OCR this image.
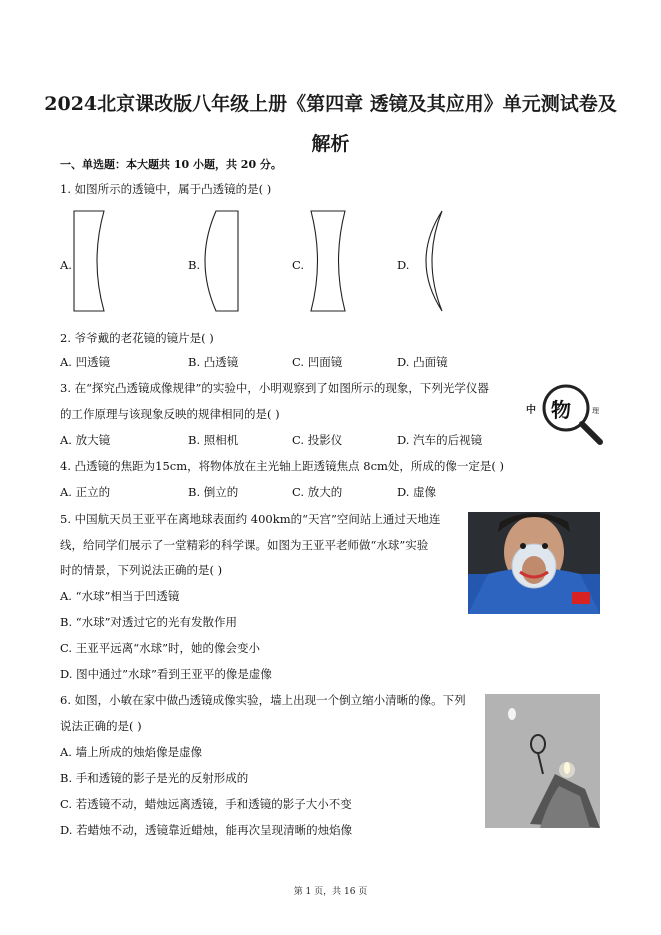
2024北京课改版八年级上册《第四章 透镜及其应用》单元测试卷及
解析
一、单选题：本大题共 10 小题，共 20 分。
1. 如图所示的透镜中，属于凸透镜的是( )
A.	B.	C.	D.
2. 爷爷戴的老花镜的镜片是( )
A. 凹透镜	B. 凸透镜	C. 凹面镜	D. 凸面镜
3. 在“探究凸透镜成像规律”的实验中，小明观察到了如图所示的现象，下列光学仪器
的工作原理与该现象反映的规律相同的是( )
A. 放大镜	B. 照相机	C. 投影仪	D. 汽车的后视镜
中 物	理
4. 凸透镜的焦距为15cm，将物体放在主光轴上距透镜焦点 8cm处，所成的像一定是( )
A. 正立的	B. 倒立的	C. 放大的	D. 虚像
5. 中国航天员王亚平在离地球表面约 400km的“天宫”空间站上通过天地连
线，给同学们展示了一堂精彩的科学课。如图为王亚平老师做“水球”实验
时的情景，下列说法正确的是( )
A. “水球”相当于凹透镜
B. “水球”对透过它的光有发散作用
C. 王亚平远离“水球”时，她的像会变小
D. 图中通过”水球”看到王亚平的像是虚像
6. 如图，小敏在家中做凸透镜成像实验，墙上出现一个倒立缩小清晰的像。下列
说法正确的是( )
A. 墙上所成的烛焰像是虚像
B. 手和透镜的影子是光的反射形成的
C. 若透镜不动，蜡烛远离透镜，手和透镜的影子大小不变
D. 若蜡烛不动，透镜靠近蜡烛，能再次呈现清晰的烛焰像
第 1 页，共 16 页
